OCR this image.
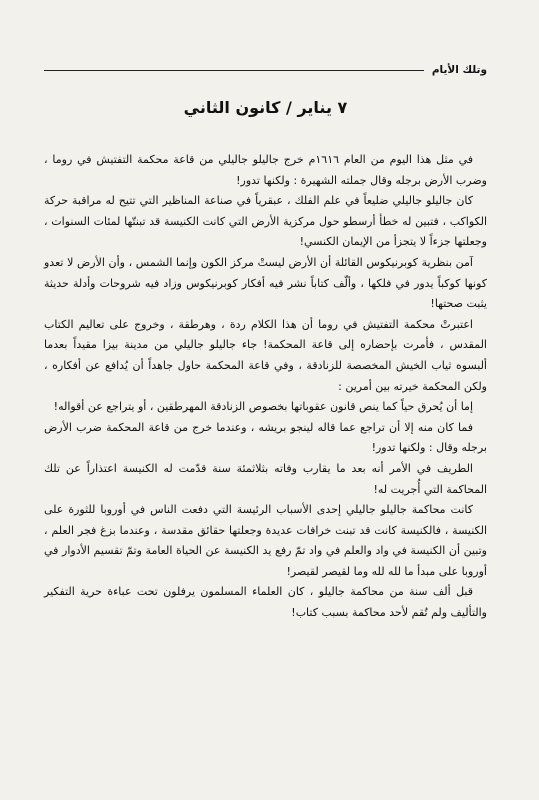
وتلك الأيام
٧ يناير / كانون الثاني

في مثل هذا اليوم من العام ١٦١٦م خرج جاليلو جاليلي من قاعة محكمة التفتيش في روما ، وضرب الأرض برجله وقال جملته الشهيرة : ولكنها تدور!

كان جاليلو جاليلي ضليعاً في علم الفلك ، عبقرياً في صناعة المناظير التي تتيح له مراقبة حركة الكواكب ، فتبين له خطأ أرسطو حول مركزية الأرض التي كانت الكنيسة قد تبنتّها لمئات السنوات ، وجعلتها جزءاً لا يتجزأ من الإيمان الكنسي!

آمن بنظرية كوبرنيكوس القائلة أن الأرض ليستْ مركز الكون وإنما الشمس ، وأن الأرض لا تعدو كونها كوكباً يدور في فلكها ، وألّف كتاباً نشر فيه أفكار كوبرنيكوس وزاد فيه شروحات وأدلة حديثة يثبت صحتها!

اعتبرتْ محكمة التفتيش في روما أن هذا الكلام ردة ، وهرطقة ، وخروج على تعاليم الكتاب المقدس ، فأمرت بإحضاره إلى قاعة المحكمة! جاء جاليلو جاليلي من مدينة بيزا مقيداً بعدما ألبسوه ثياب الخيش المخصصة للزنادقة ، وفي قاعة المحكمة حاول جاهداً أن يُدافع عن أفكاره ، ولكن المحكمة خيرته بين أمرين :

إما أن يُحرق حياً كما ينص قانون عقوباتها بخصوص الزنادقة المهرطقين ، أو يتراجع عن أقواله!

فما كان منه إلا أن تراجع عما قاله لينجو بريشه ، وعندما خرج من قاعة المحكمة ضرب الأرض برجله وقال : ولكنها تدور!

الطريف في الأمر أنه بعد ما يقارب وفاته بثلاثمئة سنة قدّمت له الكنيسة اعتذاراً عن تلك المحاكمة التي أُجريت له!

كانت محاكمة جاليلو جاليلي إحدى الأسباب الرئيسة التي دفعت الناس في أوروبا للثورة على الكنيسة ، فالكنيسة كانت قد تبنت خرافات عديدة وجعلتها حقائق مقدسة ، وعندما بزغ فجر العلم ، وتبين أن الكنيسة في واد والعلم في واد تمّ رفع يد الكنيسة عن الحياة العامة وتمّ تقسيم الأدوار في أوروبا على مبدأ ما لله لله وما لقيصر لقيصر!

قبل ألف سنة من محاكمة جاليلو ، كان العلماء المسلمون يرفلون تحت عباءة حرية التفكير والتأليف ولم تُقم لأحد محاكمة بسبب كتاب!
